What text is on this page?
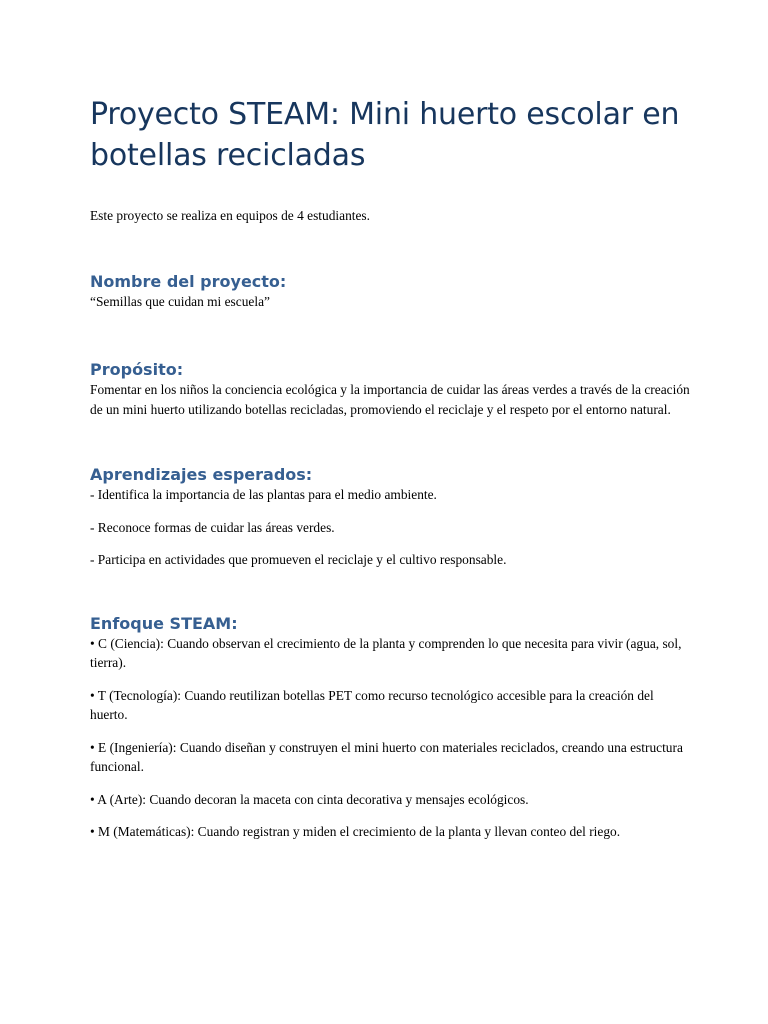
Proyecto STEAM: Mini huerto escolar en botellas recicladas

Este proyecto se realiza en equipos de 4 estudiantes.

Nombre del proyecto:

“Semillas que cuidan mi escuela”

Propósito:

Fomentar en los niños la conciencia ecológica y la importancia de cuidar las áreas verdes a través de la creación de un mini huerto utilizando botellas recicladas, promoviendo el reciclaje y el respeto por el entorno natural.

Aprendizajes esperados:

- Identifica la importancia de las plantas para el medio ambiente.

- Reconoce formas de cuidar las áreas verdes.

- Participa en actividades que promueven el reciclaje y el cultivo responsable.

Enfoque STEAM:

• C (Ciencia): Cuando observan el crecimiento de la planta y comprenden lo que necesita para vivir (agua, sol, tierra).

• T (Tecnología): Cuando reutilizan botellas PET como recurso tecnológico accesible para la creación del huerto.

• E (Ingeniería): Cuando diseñan y construyen el mini huerto con materiales reciclados, creando una estructura funcional.

• A (Arte): Cuando decoran la maceta con cinta decorativa y mensajes ecológicos.

• M (Matemáticas): Cuando registran y miden el crecimiento de la planta y llevan conteo del riego.
